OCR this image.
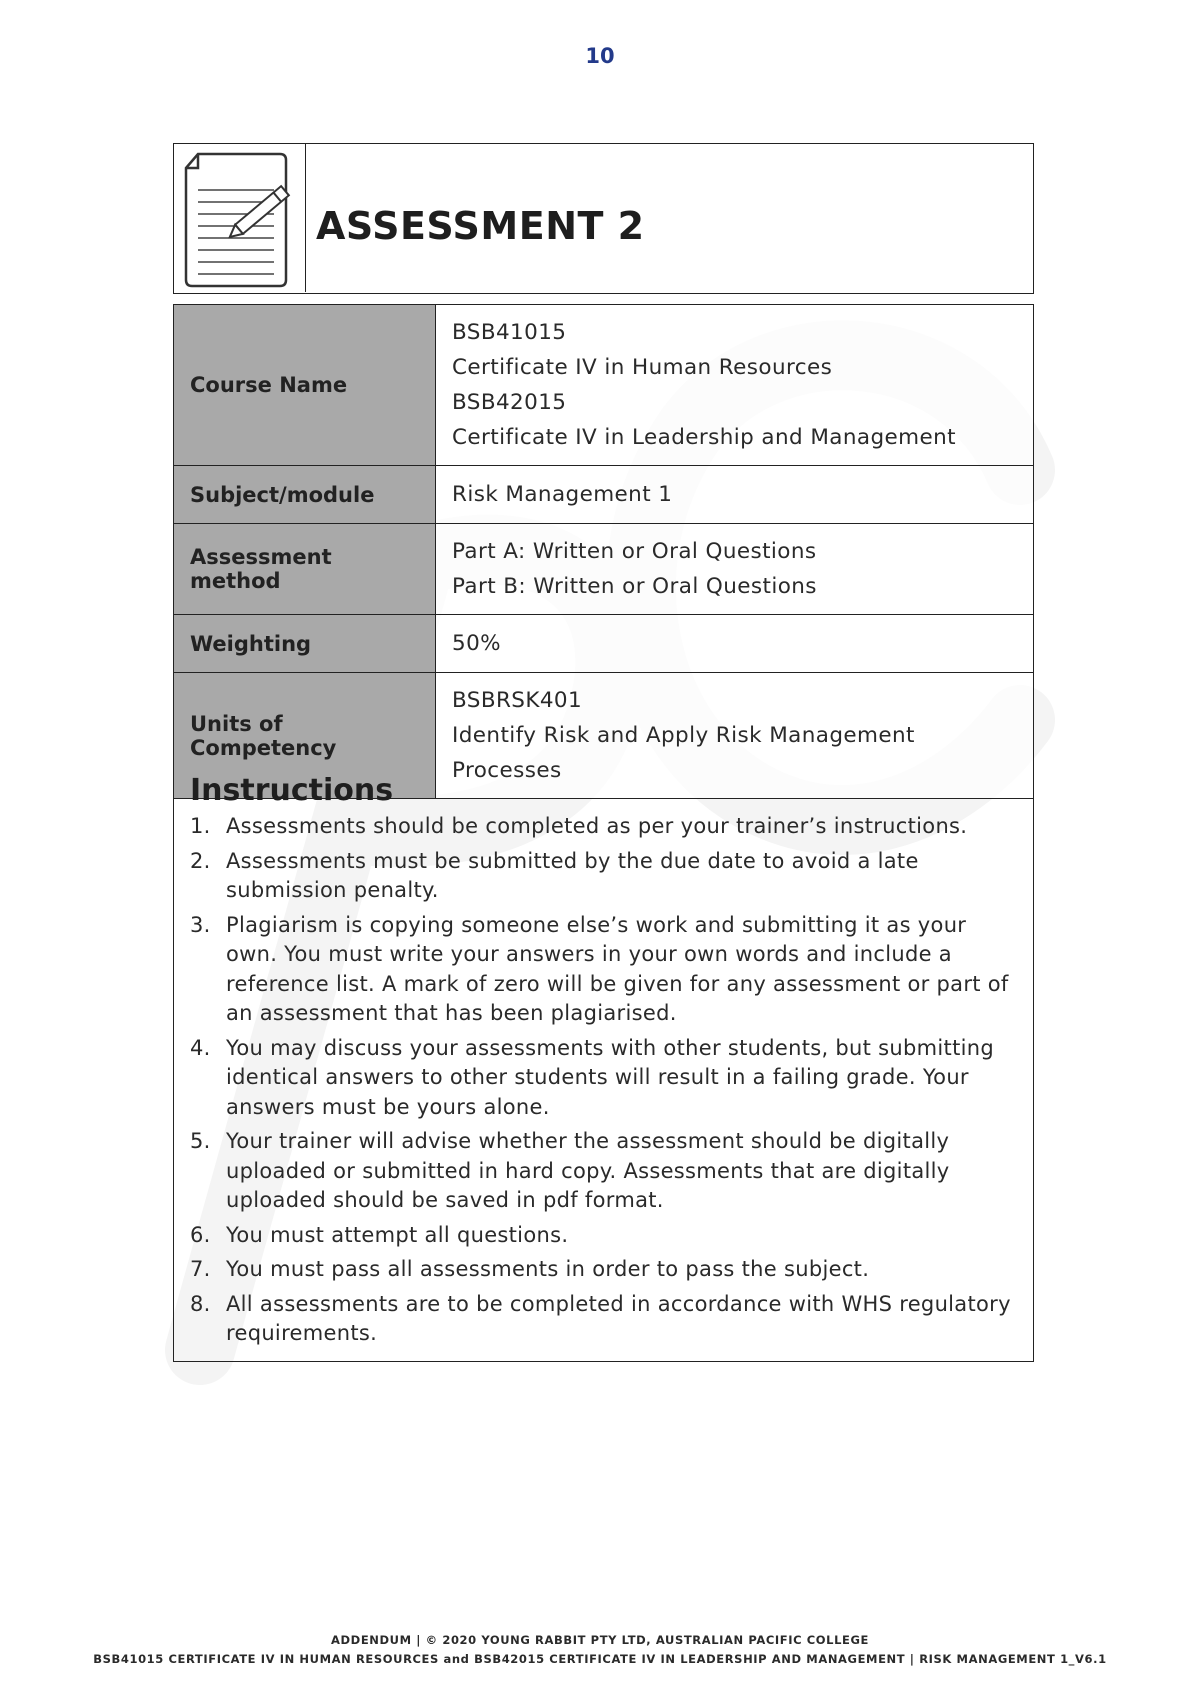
10
ASSESSMENT 2
Course Name	BSB41015
Certificate IV in Human Resources
BSB42015
Certificate IV in Leadership and Management

Subject/module	Risk Management 1

Assessment method	Part A: Written or Oral Questions
Part B: Written or Oral Questions

Weighting	50%

Units of Competency	BSBRSK401
Identify Risk and Apply Risk Management Processes
Instructions
1. Assessments should be completed as per your trainer’s instructions.
2. Assessments must be submitted by the due date to avoid a late submission penalty.
3. Plagiarism is copying someone else’s work and submitting it as your own. You must write your answers in your own words and include a reference list. A mark of zero will be given for any assessment or part of an assessment that has been plagiarised.
4. You may discuss your assessments with other students, but submitting identical answers to other students will result in a failing grade. Your answers must be yours alone.
5. Your trainer will advise whether the assessment should be digitally uploaded or submitted in hard copy. Assessments that are digitally uploaded should be saved in pdf format.
6. You must attempt all questions.
7. You must pass all assessments in order to pass the subject.
8. All assessments are to be completed in accordance with WHS regulatory requirements.
ADDENDUM | © 2020 YOUNG RABBIT PTY LTD, AUSTRALIAN PACIFIC COLLEGE
BSB41015 CERTIFICATE IV IN HUMAN RESOURCES and BSB42015 CERTIFICATE IV IN LEADERSHIP AND MANAGEMENT | RISK MANAGEMENT 1_V6.1
